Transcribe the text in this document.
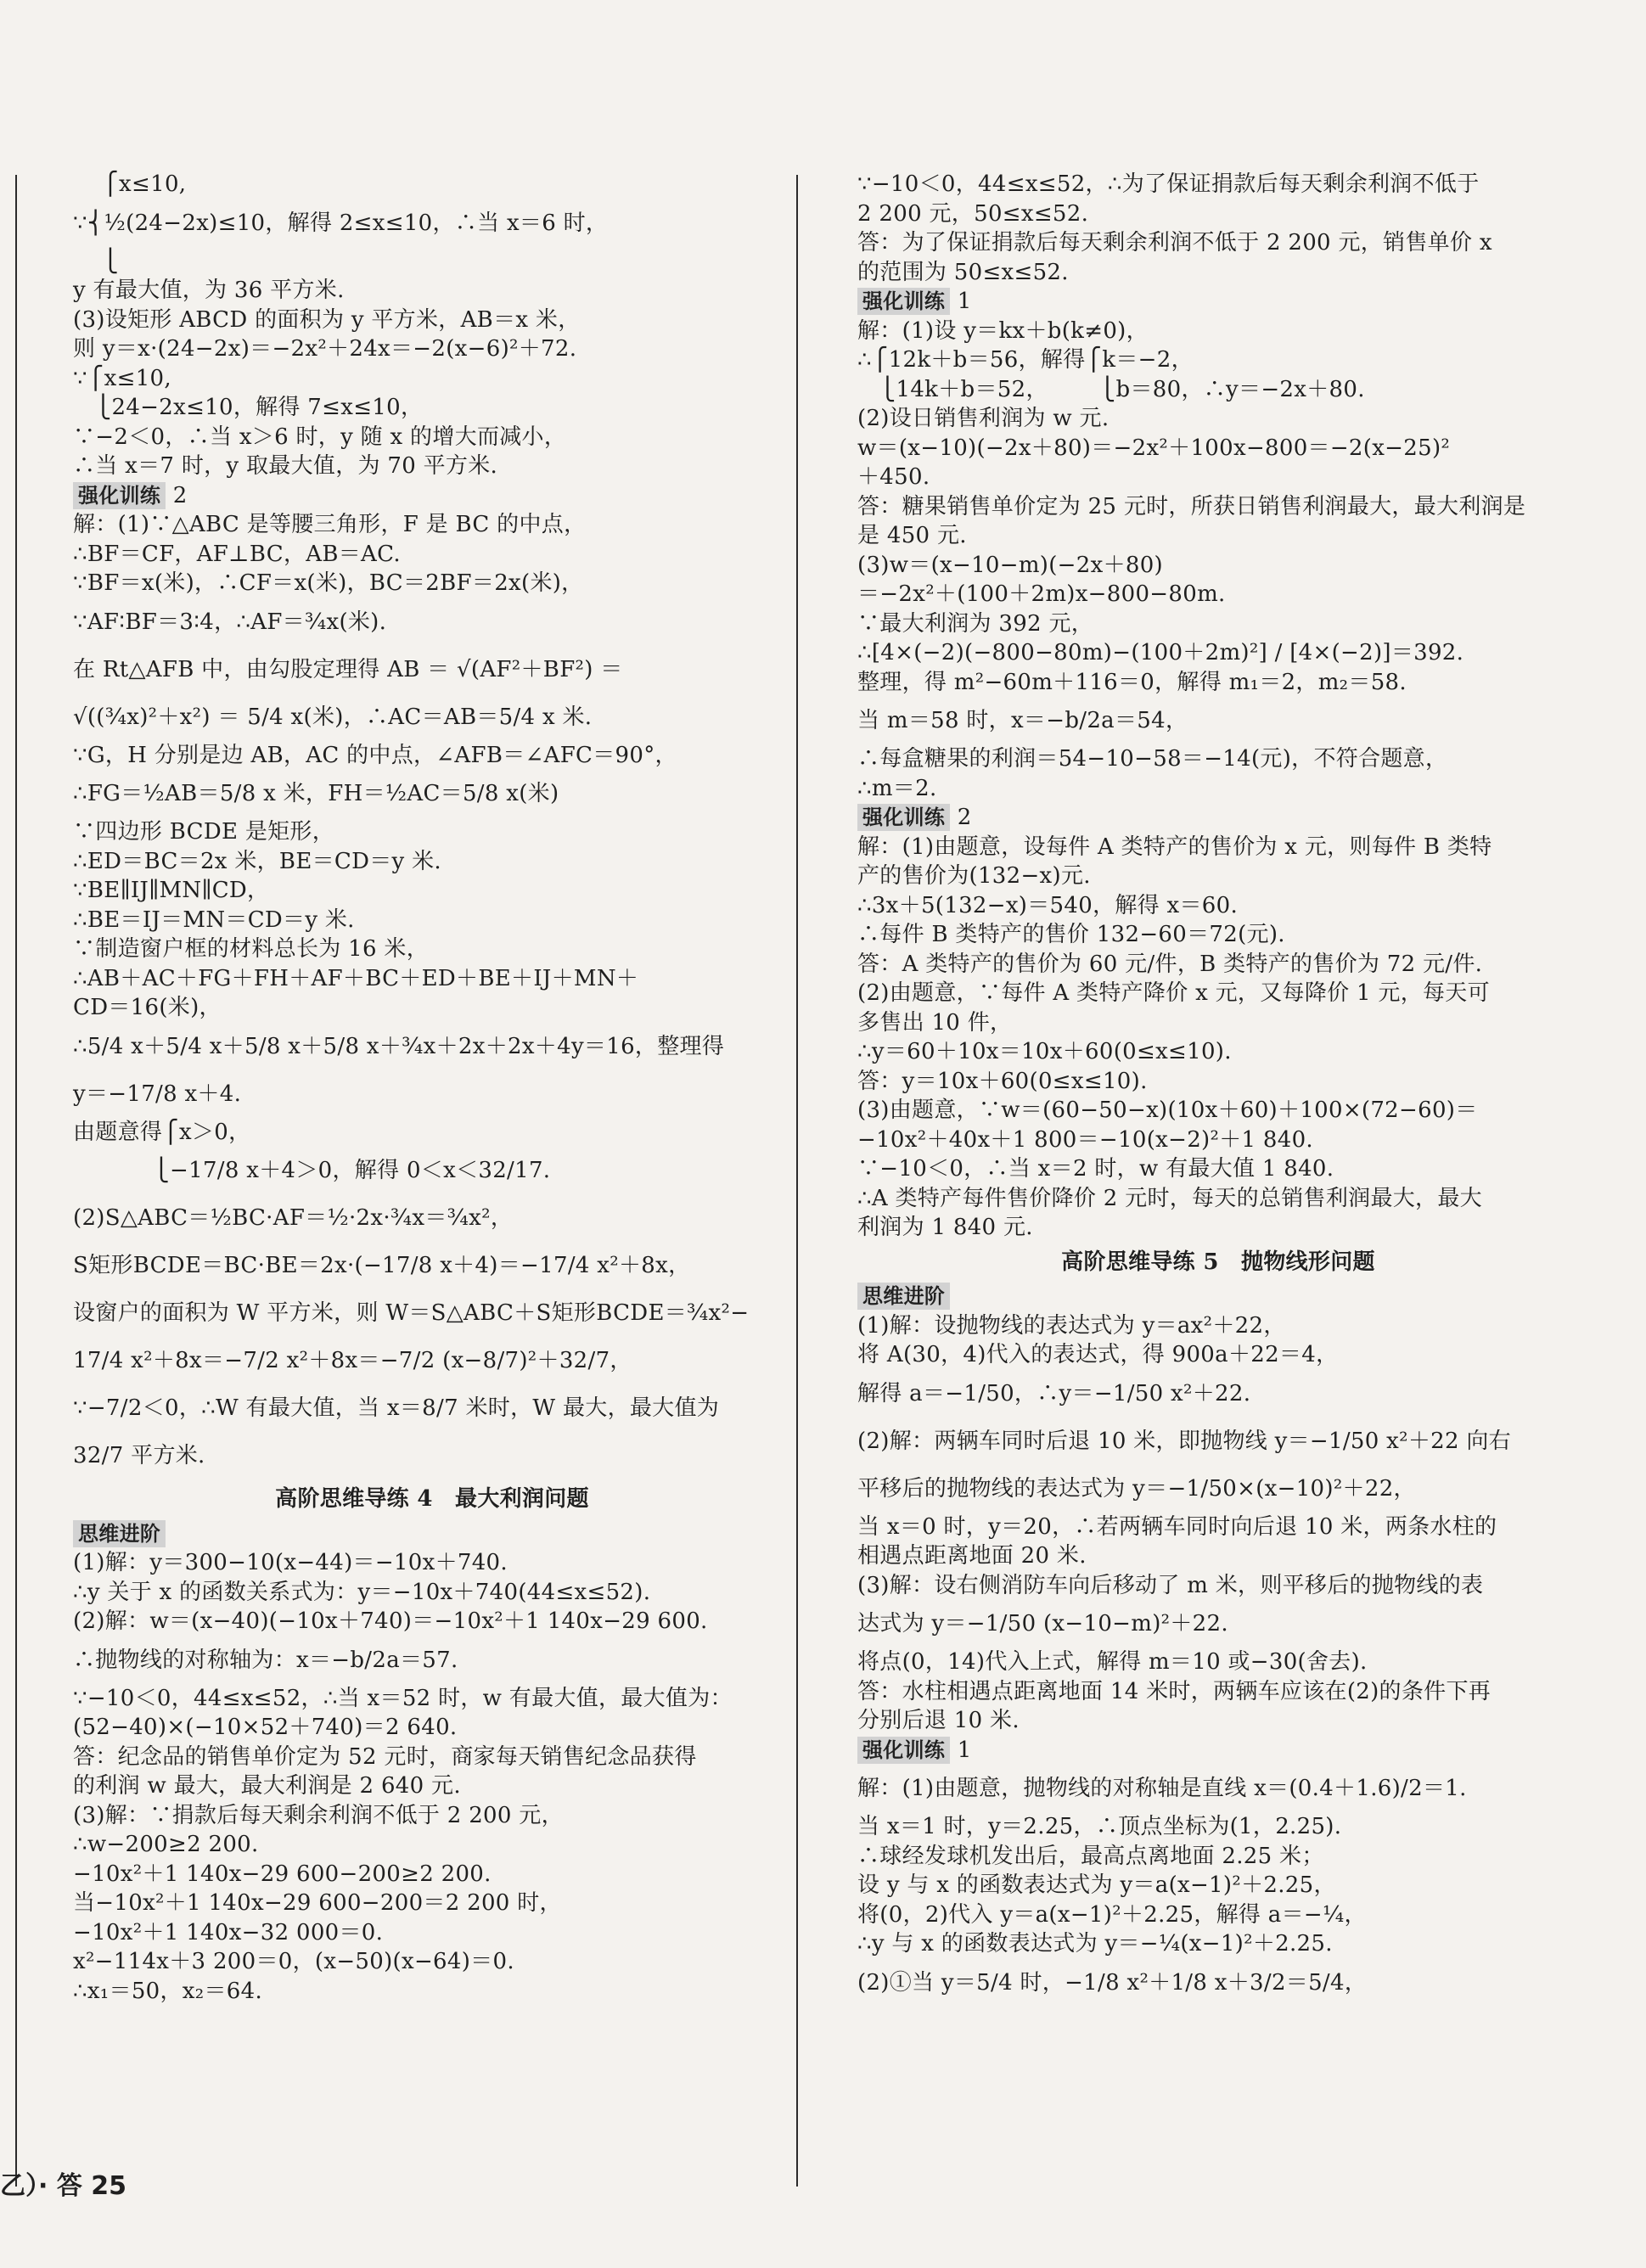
⎧x≤10,
∵⎨½(24−2x)≤10，解得 2≤x≤10，∴当 x＝6 时，
⎩
y 有最大值，为 36 平方米.
(3)设矩形 ABCD 的面积为 y 平方米，AB＝x 米，
则 y＝x·(24−2x)＝−2x²＋24x＝−2(x−6)²＋72.
∵⎧x≤10,
⎩24−2x≤10，解得 7≤x≤10，
∵−2＜0，∴当 x＞6 时，y 随 x 的增大而减小，
∴当 x＝7 时，y 取最大值，为 70 平方米.
强化训练 2
解：(1)∵△ABC 是等腰三角形，F 是 BC 的中点，
∴BF＝CF，AF⊥BC，AB＝AC.
∵BF＝x(米)，∴CF＝x(米)，BC＝2BF＝2x(米)，
∵AF∶BF＝3∶4，∴AF＝¾x(米).
在 Rt△AFB 中，由勾股定理得 AB ＝ √(AF²＋BF²) ＝
√((¾x)²＋x²) ＝ 5/4 x(米)，∴AC＝AB＝5/4 x 米.
∵G，H 分别是边 AB，AC 的中点，∠AFB＝∠AFC＝90°，
∴FG＝½AB＝5/8 x 米，FH＝½AC＝5/8 x(米)
∵四边形 BCDE 是矩形，
∴ED＝BC＝2x 米，BE＝CD＝y 米.
∵BE∥IJ∥MN∥CD，
∴BE＝IJ＝MN＝CD＝y 米.
∵制造窗户框的材料总长为 16 米，
∴AB＋AC＋FG＋FH＋AF＋BC＋ED＋BE＋IJ＋MN＋
CD＝16(米)，
∴5/4 x＋5/4 x＋5/8 x＋5/8 x＋¾x＋2x＋2x＋4y＝16，整理得
y＝−17/8 x＋4.
由题意得⎧x＞0，
⎩−17/8 x＋4＞0，解得 0＜x＜32/17.
(2)S△ABC＝½BC·AF＝½·2x·¾x＝¾x²，
S矩形BCDE＝BC·BE＝2x·(−17/8 x＋4)＝−17/4 x²＋8x，
设窗户的面积为 W 平方米，则 W＝S△ABC＋S矩形BCDE＝¾x²−
17/4 x²＋8x＝−7/2 x²＋8x＝−7/2 (x−8/7)²＋32/7，
∵−7/2＜0，∴W 有最大值，当 x＝8/7 米时，W 最大，最大值为
32/7 平方米.
高阶思维导练 4　最大利润问题
思维进阶
(1)解：y＝300−10(x−44)＝−10x＋740.
∴y 关于 x 的函数关系式为：y＝−10x＋740(44≤x≤52).
(2)解：w＝(x−40)(−10x＋740)＝−10x²＋1 140x−29 600.
∴抛物线的对称轴为：x＝−b/2a＝57.
∵−10＜0，44≤x≤52，∴当 x＝52 时，w 有最大值，最大值为：
(52−40)×(−10×52＋740)＝2 640.
答：纪念品的销售单价定为 52 元时，商家每天销售纪念品获得
的利润 w 最大，最大利润是 2 640 元.
(3)解：∵捐款后每天剩余利润不低于 2 200 元，
∴w−200≥2 200.
−10x²＋1 140x−29 600−200≥2 200.
当−10x²＋1 140x−29 600−200＝2 200 时，
−10x²＋1 140x−32 000＝0.
x²−114x＋3 200＝0，(x−50)(x−64)＝0.
∴x₁＝50，x₂＝64.
∵−10＜0，44≤x≤52，∴为了保证捐款后每天剩余利润不低于
2 200 元，50≤x≤52.
答：为了保证捐款后每天剩余利润不低于 2 200 元，销售单价 x
的范围为 50≤x≤52.
强化训练 1
解：(1)设 y＝kx＋b(k≠0)，
∴⎧12k＋b＝56，解得⎧k＝−2，
⎩14k＋b＝52，       ⎩b＝80，∴y＝−2x＋80.
(2)设日销售利润为 w 元.
w＝(x−10)(−2x＋80)＝−2x²＋100x−800＝−2(x−25)²
＋450.
答：糖果销售单价定为 25 元时，所获日销售利润最大，最大利润是
是 450 元.
(3)w＝(x−10−m)(−2x＋80)
＝−2x²＋(100＋2m)x−800−80m.
∵最大利润为 392 元，
∴[4×(−2)(−800−80m)−(100＋2m)²] / [4×(−2)]＝392.
整理，得 m²−60m＋116＝0，解得 m₁＝2，m₂＝58.
当 m＝58 时，x＝−b/2a＝54，
∴每盒糖果的利润＝54−10−58＝−14(元)，不符合题意，
∴m＝2.
强化训练 2
解：(1)由题意，设每件 A 类特产的售价为 x 元，则每件 B 类特
产的售价为(132−x)元.
∴3x＋5(132−x)＝540，解得 x＝60.
∴每件 B 类特产的售价 132−60＝72(元).
答：A 类特产的售价为 60 元/件，B 类特产的售价为 72 元/件.
(2)由题意，∵每件 A 类特产降价 x 元，又每降价 1 元，每天可
多售出 10 件，
∴y＝60＋10x＝10x＋60(0≤x≤10).
答：y＝10x＋60(0≤x≤10).
(3)由题意，∵w＝(60−50−x)(10x＋60)＋100×(72−60)＝
−10x²＋40x＋1 800＝−10(x−2)²＋1 840.
∵−10＜0，∴当 x＝2 时，w 有最大值 1 840.
∴A 类特产每件售价降价 2 元时，每天的总销售利润最大，最大
利润为 1 840 元.
高阶思维导练 5　抛物线形问题
思维进阶
(1)解：设抛物线的表达式为 y＝ax²＋22，
将 A(30，4)代入的表达式，得 900a＋22＝4，
解得 a＝−1/50，∴y＝−1/50 x²＋22.
(2)解：两辆车同时后退 10 米，即抛物线 y＝−1/50 x²＋22 向右
平移后的抛物线的表达式为 y＝−1/50×(x−10)²＋22，
当 x＝0 时，y＝20，∴若两辆车同时向后退 10 米，两条水柱的
相遇点距离地面 20 米.
(3)解：设右侧消防车向后移动了 m 米，则平移后的抛物线的表
达式为 y＝−1/50 (x−10−m)²＋22.
将点(0，14)代入上式，解得 m＝10 或−30(舍去).
答：水柱相遇点距离地面 14 米时，两辆车应该在(2)的条件下再
分别后退 10 米.
强化训练 1
解：(1)由题意，抛物线的对称轴是直线 x＝(0.4＋1.6)/2＝1.
当 x＝1 时，y＝2.25，∴顶点坐标为(1，2.25).
∴球经发球机发出后，最高点离地面 2.25 米；
设 y 与 x 的函数表达式为 y＝a(x−1)²＋2.25，
将(0，2)代入 y＝a(x−1)²＋2.25，解得 a＝−¼，
∴y 与 x 的函数表达式为 y＝−¼(x−1)²＋2.25.
(2)①当 y＝5/4 时，−1/8 x²＋1/8 x＋3/2＝5/4，
乙）· 答 25
